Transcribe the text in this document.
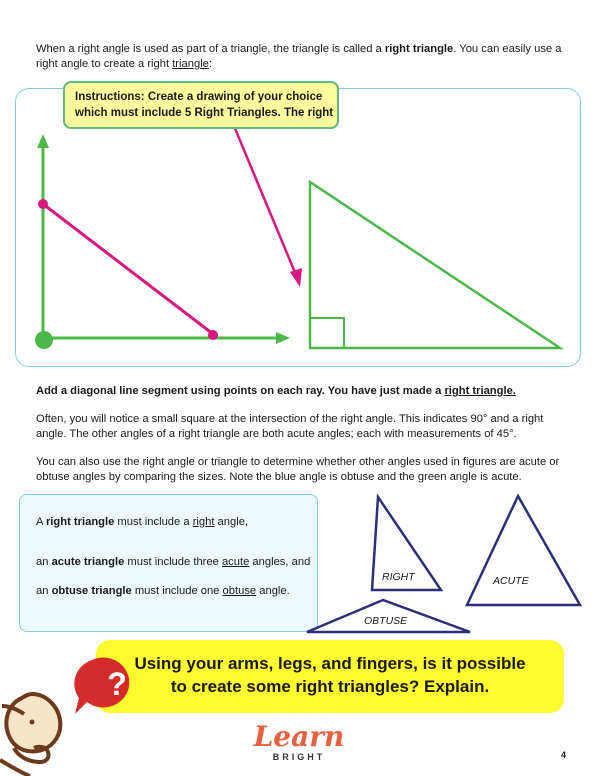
When a right angle is used as part of a triangle, the triangle is called a right triangle. You can easily use a right angle to create a right triangle:

Instructions: Create a drawing of your choice
which must include 5 Right Triangles. The right

Add a diagonal line segment using points on each ray. You have just made a right triangle.

Often, you will notice a small square at the intersection of the right angle. This indicates 90° and a right angle. The other angles of a right triangle are both acute angles; each with measurements of 45°.

You can also use the right angle or triangle to determine whether other angles used in figures are acute or obtuse angles by comparing the sizes. Note the blue angle is obtuse and the green angle is acute.

A right triangle must include a right angle,

an acute triangle must include three acute angles, and

an obtuse triangle must include one obtuse angle.

RIGHT	ACUTE
OBTUSE
Using your arms, legs, and fingers, is it possible
to create some right triangles? Explain.
?
Learn
BRIGHT	4
